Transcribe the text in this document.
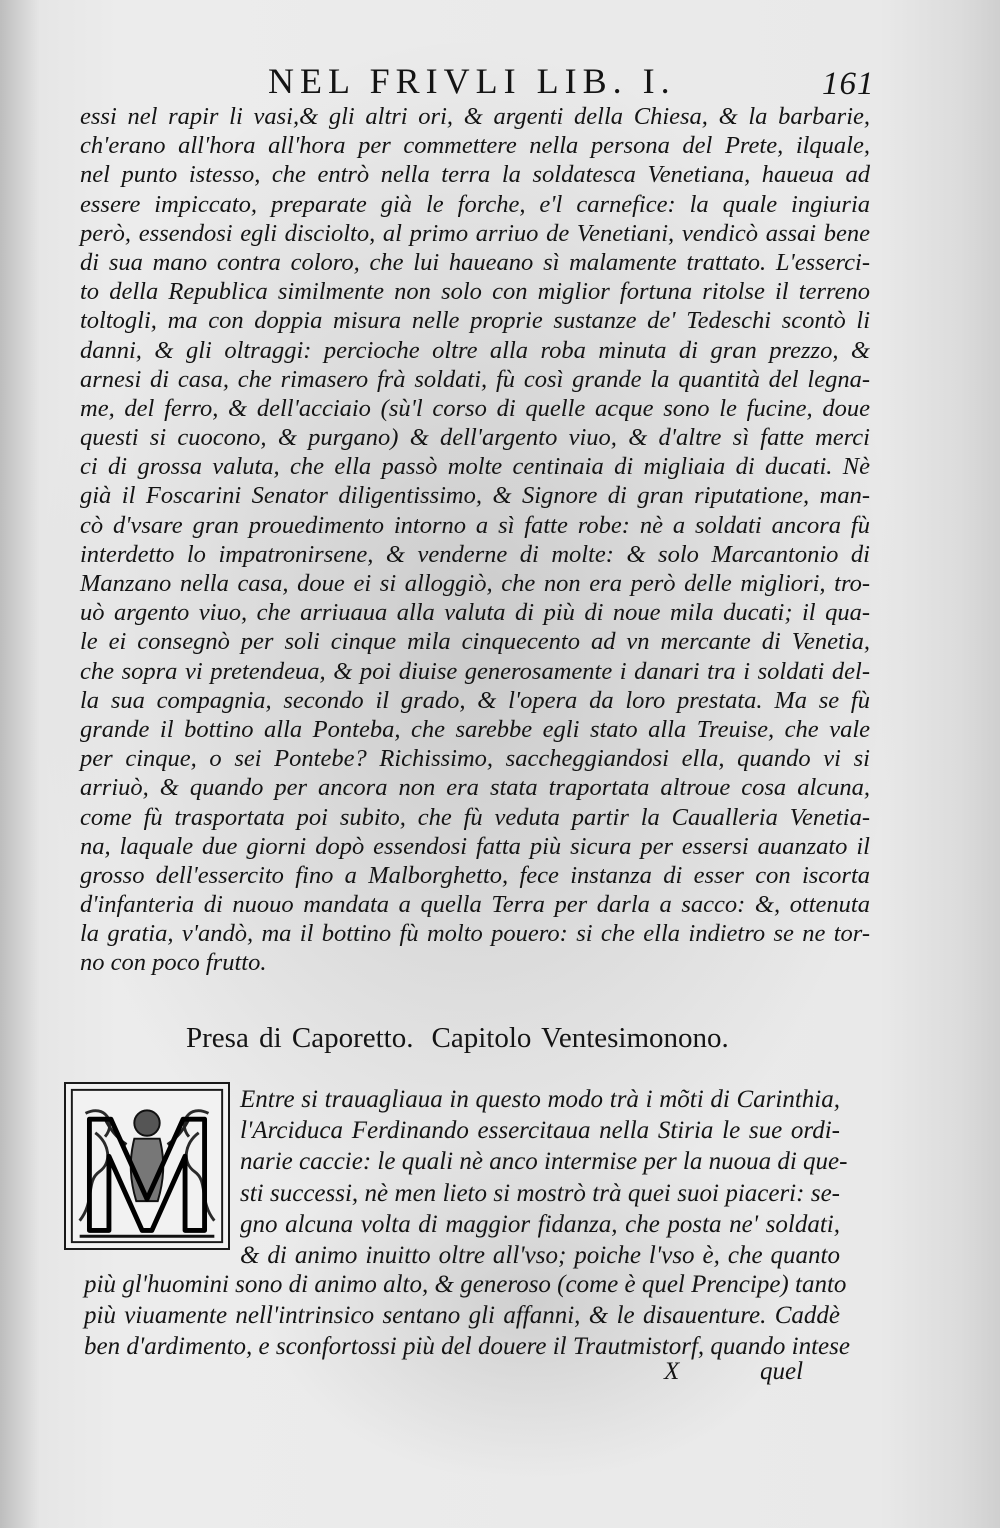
NEL FRIVLI LIB. I.	161
essi nel rapir li vasi,& gli altri ori, & argenti della Chiesa, & la barbarie,
ch'erano all'hora all'hora per commettere nella persona del Prete, ilquale,
nel punto istesso, che entrò nella terra la soldatesca Venetiana, haueua ad
essere impiccato, preparate già le forche, e'l carnefice: la quale ingiuria
però, essendosi egli disciolto, al primo arriuo de Venetiani, vendicò assai bene
di sua mano contra coloro, che lui haueano sì malamente trattato. L'esserci-
to della Republica similmente non solo con miglior fortuna ritolse il terreno
toltogli, ma con doppia misura nelle proprie sustanze de' Tedeschi scontò li
danni, & gli oltraggi: percioche oltre alla roba minuta di gran prezzo, &
arnesi di casa, che rimasero frà soldati, fù così grande la quantità del legna-
me, del ferro, & dell'acciaio (sù'l corso di quelle acque sono le fucine, doue
questi si cuocono, & purgano) & dell'argento viuo, & d'altre sì fatte merci
ci di grossa valuta, che ella passò molte centinaia di migliaia di ducati. Nè
già il Foscarini Senator diligentissimo, & Signore di gran riputatione, man-
cò d'vsare gran prouedimento intorno a sì fatte robe: nè a soldati ancora fù
interdetto lo impatronirsene, & venderne di molte: & solo Marcantonio di
Manzano nella casa, doue ei si alloggiò, che non era però delle migliori, tro-
uò argento viuo, che arriuaua alla valuta di più di noue mila ducati; il qua-
le ei consegnò per soli cinque mila cinquecento ad vn mercante di Venetia,
che sopra vi pretendeua, & poi diuise generosamente i danari tra i soldati del-
la sua compagnia, secondo il grado, & l'opera da loro prestata. Ma se fù
grande il bottino alla Ponteba, che sarebbe egli stato alla Treuise, che vale
per cinque, o sei Pontebe? Richissimo, saccheggiandosi ella, quando vi si
arriuò, & quando per ancora non era stata traportata altroue cosa alcuna,
come fù trasportata poi subito, che fù veduta partir la Caualleria Venetia-
na, laquale due giorni dopò essendosi fatta più sicura per essersi auanzato il
grosso dell'essercito fino a Malborghetto, fece instanza di esser con iscorta
d'infanteria di nuouo mandata a quella Terra per darla a sacco: &, ottenuta
la gratia, v'andò, ma il bottino fù molto pouero: si che ella indietro se ne tor-
no con poco frutto.
Presa di Caporetto. Capitolo Ventesimonono.
Entre si trauagliaua in questo modo trà i mõti di Carinthia,
l'Arciduca Ferdinando essercitaua nella Stiria le sue ordi-
narie caccie: le quali nè anco intermise per la nuoua di que-
sti successi, nè men lieto si mostrò trà quei suoi piaceri: se-
gno alcuna volta di maggior fidanza, che posta ne' soldati,
& di animo inuitto oltre all'vso; poiche l'vso è, che quanto
più gl'huomini sono di animo alto, & generoso (come è quel Prencipe) tanto
più viuamente nell'intrinsico sentano gli affanni, & le disauenture. Caddè
ben d'ardimento, e sconfortossi più del douere il Trautmistorf, quando intese
X	quel
